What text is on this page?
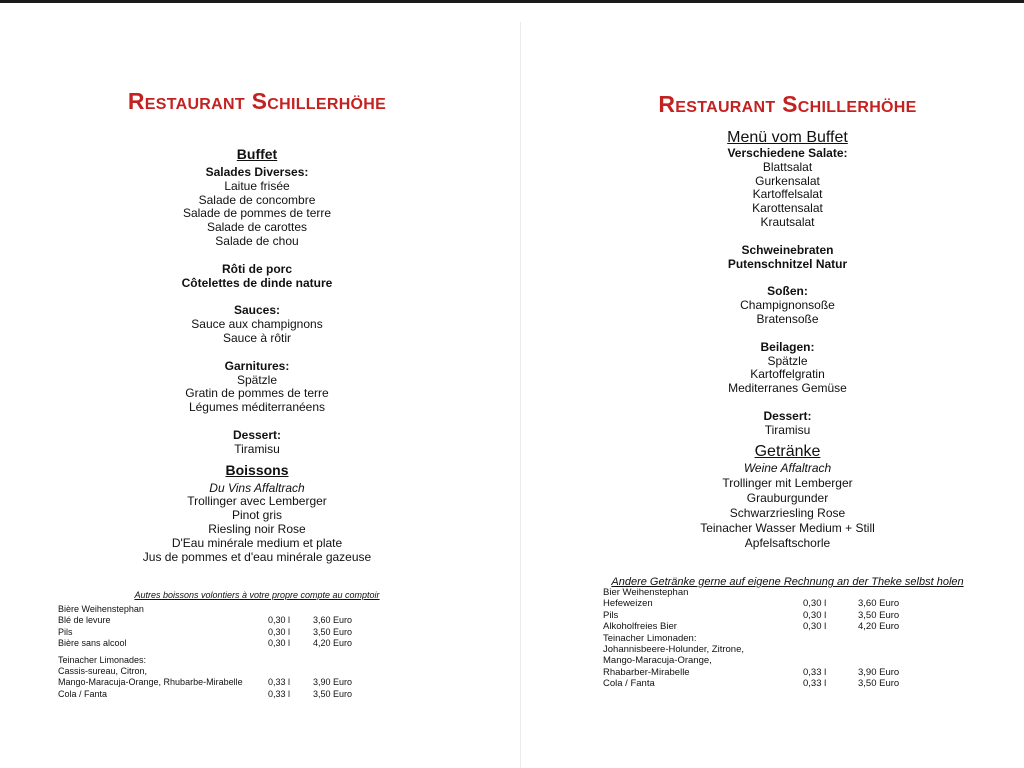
Restaurant Schillerhöhe
Buffet
Salades Diverses:
Laitue frisée
Salade de concombre
Salade de pommes de terre
Salade de carottes
Salade de chou
Rôti de porc
Côtelettes de dinde nature
Sauces:
Sauce aux champignons
Sauce à rôtir
Garnitures:
Spätzle
Gratin de pommes de terre
Légumes méditerranéens
Dessert:
Tiramisu
Boissons
Du Vins Affaltrach
Trollinger avec Lemberger
Pinot gris
Riesling noir Rose
D'Eau minérale medium et plate
Jus de pommes et d'eau minérale gazeuse
Autres boissons volontiers à votre propre compte au comptoir
Bière Weihenstephan		
Blé de levure	0,30 l	3,60 Euro
Pils	0,30 l	3,50 Euro
Bière sans alcool	0,30 l	4,20 Euro

Teinacher Limonades:		
Cassis-sureau, Citron,		
Mango-Maracuja-Orange, Rhubarbe-Mirabelle	0,33 l	3,90 Euro
Cola / Fanta	0,33 l	3,50 Euro
Restaurant Schillerhöhe
Menü vom Buffet
Verschiedene Salate:
Blattsalat
Gurkensalat
Kartoffelsalat
Karottensalat
Krautsalat
Schweinebraten
Putenschnitzel Natur
Soßen:
Champignonsoße
Bratensoße
Beilagen:
Spätzle
Kartoffelgratin
Mediterranes Gemüse
Dessert:
Tiramisu
Getränke
Weine Affaltrach
Trollinger mit Lemberger
Grauburgunder
Schwarzriesling Rose
Teinacher Wasser Medium + Still
Apfelsaftschorle
Andere Getränke gerne auf eigene Rechnung an der Theke selbst holen
Bier Weihenstephan		
Hefeweizen	0,30 l	3,60 Euro
Pils	0,30 l	3,50 Euro
Alkoholfreies Bier	0,30 l	4,20 Euro
Teinacher Limonaden:		
Johannisbeere-Holunder, Zitrone,		
Mango-Maracuja-Orange,		
Rhabarber-Mirabelle	0,33 l	3,90 Euro
Cola / Fanta	0,33 l	3,50 Euro
